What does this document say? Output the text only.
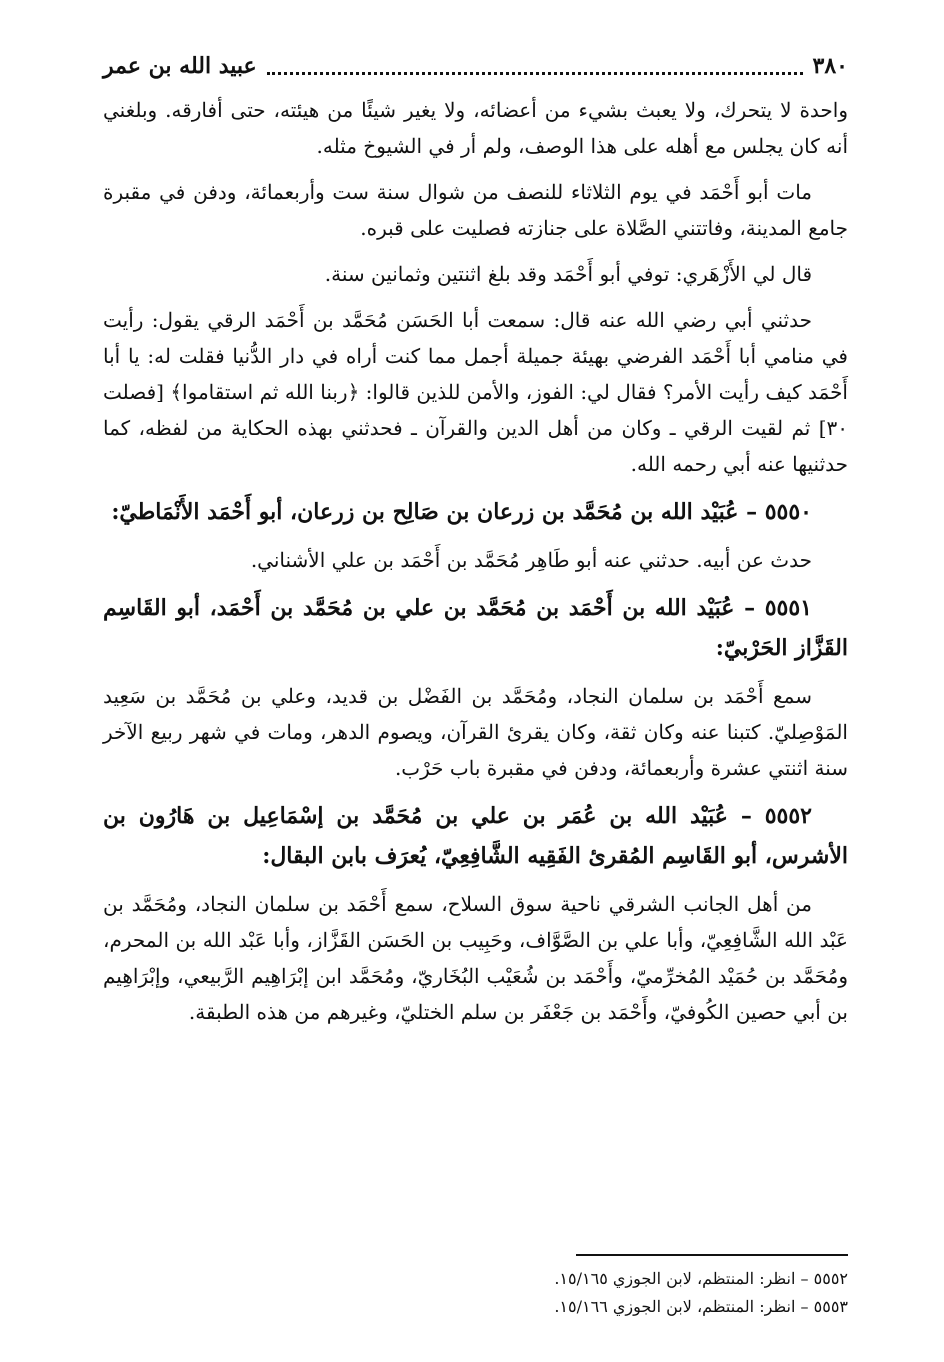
٣٨٠
عبيد الله بن عمر

واحدة لا يتحرك، ولا يعبث بشيء من أعضائه، ولا يغير شيئًا من هيئته، حتى أفارقه. وبلغني أنه كان يجلس مع أهله على هذا الوصف، ولم أر في الشيوخ مثله.

مات أبو أَحْمَد في يوم الثلاثاء للنصف من شوال سنة ست وأربعمائة، ودفن في مقبرة جامع المدينة، وفاتتني الصَّلاة على جنازته فصليت على قبره.

قال لي الأَزْهَري: توفي أبو أَحْمَد وقد بلغ اثنتين وثمانين سنة.

حدثني أبي رضي الله عنه قال: سمعت أبا الحَسَن مُحَمَّد بن أَحْمَد الرقي يقول: رأيت في منامي أبا أَحْمَد الفرضي بهيئة جميلة أجمل مما كنت أراه في دار الدُّنيا فقلت له: يا أبا أَحْمَد كيف رأيت الأمر؟ فقال لي: الفوز، والأمن للذين قالوا: ﴿ربنا الله ثم استقاموا﴾ [فصلت ٣٠] ثم لقيت الرقي ـ وكان من أهل الدين والقرآن ـ فحدثني بهذه الحكاية من لفظه، كما حدثنيها عنه أبي رحمه الله.

٥٥٥٠ – عُبَيْد الله بن مُحَمَّد بن زرعان بن صَالِح بن زرعان، أبو أَحْمَد الأَنْمَاطيّ:

حدث عن أبيه. حدثني عنه أبو طَاهِر مُحَمَّد بن أَحْمَد بن علي الأشناني.

٥٥٥١ – عُبَيْد الله بن أَحْمَد بن مُحَمَّد بن علي بن مُحَمَّد بن أَحْمَد، أبو القَاسِم القَزَّاز الحَرْبيّ:

سمع أَحْمَد بن سلمان النجاد، ومُحَمَّد بن الفَضْل بن قديد، وعلي بن مُحَمَّد بن سَعِيد المَوْصِليّ. كتبنا عنه وكان ثقة، وكان يقرئ القرآن، ويصوم الدهر، ومات في شهر ربيع الآخر سنة اثنتي عشرة وأربعمائة، ودفن في مقبرة باب حَرْب.

٥٥٥٢ – عُبَيْد الله بن عُمَر بن علي بن مُحَمَّد بن إسْمَاعِيل بن هَارُون بن الأشرس، أبو القَاسِم المُقرئ الفَقِيه الشَّافِعِيّ، يُعرَف بابن البقال:

من أهل الجانب الشرقي ناحية سوق السلاح، سمع أَحْمَد بن سلمان النجاد، ومُحَمَّد بن عَبْد الله الشَّافِعِيّ، وأبا علي بن الصَّوَّاف، وحَبِيب بن الحَسَن القَزَّاز، وأبا عَبْد الله بن المحرم، ومُحَمَّد بن حُمَيْد المُخرِّميّ، وأَحْمَد بن شُعَيْب البُخَاريّ، ومُحَمَّد ابن إبْرَاهِيم الرَّبيعي، وإبْرَاهِيم بن أبي حصين الكُوفيّ، وأَحْمَد بن جَعْفَر بن سلم الختليّ، وغيرهم من هذه الطبقة.

٥٥٥٢ – انظر: المنتظم، لابن الجوزي ١٥/١٦٥.

٥٥٥٣ – انظر: المنتظم، لابن الجوزي ١٥/١٦٦.
